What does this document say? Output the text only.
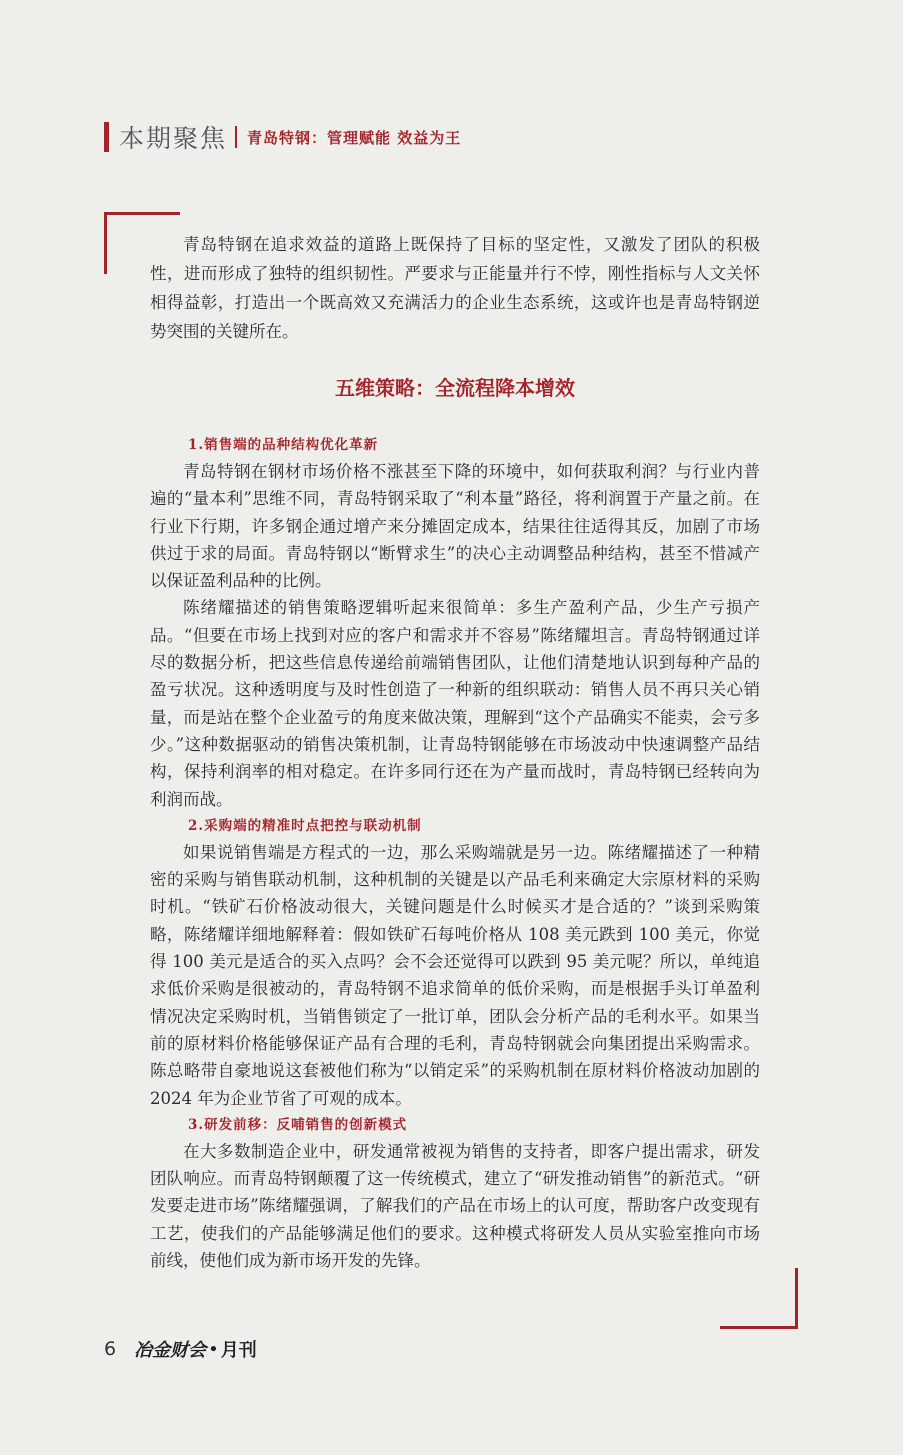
本期聚焦 青岛特钢：管理赋能 效益为王

青岛特钢在追求效益的道路上既保持了目标的坚定性，又激发了团队的积极性，进而形成了独特的组织韧性。严要求与正能量并行不悖，刚性指标与人文关怀相得益彰，打造出一个既高效又充满活力的企业生态系统，这或许也是青岛特钢逆势突围的关键所在。

五维策略：全流程降本增效
1.销售端的品种结构优化革新

青岛特钢在钢材市场价格不涨甚至下降的环境中，如何获取利润？与行业内普遍的“量本利”思维不同，青岛特钢采取了“利本量”路径，将利润置于产量之前。在行业下行期，许多钢企通过增产来分摊固定成本，结果往往适得其反，加剧了市场供过于求的局面。青岛特钢以“断臂求生”的决心主动调整品种结构，甚至不惜减产以保证盈利品种的比例。

陈绪耀描述的销售策略逻辑听起来很简单：多生产盈利产品，少生产亏损产品。“但要在市场上找到对应的客户和需求并不容易”陈绪耀坦言。青岛特钢通过详尽的数据分析，把这些信息传递给前端销售团队，让他们清楚地认识到每种产品的盈亏状况。这种透明度与及时性创造了一种新的组织联动：销售人员不再只关心销量，而是站在整个企业盈亏的角度来做决策，理解到“这个产品确实不能卖，会亏多少。”这种数据驱动的销售决策机制，让青岛特钢能够在市场波动中快速调整产品结构，保持利润率的相对稳定。在许多同行还在为产量而战时，青岛特钢已经转向为利润而战。

2.采购端的精准时点把控与联动机制

如果说销售端是方程式的一边，那么采购端就是另一边。陈绪耀描述了一种精密的采购与销售联动机制，这种机制的关键是以产品毛利来确定大宗原材料的采购时机。“铁矿石价格波动很大，关键问题是什么时候买才是合适的？”谈到采购策略，陈绪耀详细地解释着：假如铁矿石每吨价格从 108 美元跌到 100 美元，你觉得 100 美元是适合的买入点吗？会不会还觉得可以跌到 95 美元呢？所以，单纯追求低价采购是很被动的，青岛特钢不追求简单的低价采购，而是根据手头订单盈利情况决定采购时机，当销售锁定了一批订单，团队会分析产品的毛利水平。如果当前的原材料价格能够保证产品有合理的毛利，青岛特钢就会向集团提出采购需求。陈总略带自豪地说这套被他们称为“以销定采”的采购机制在原材料价格波动加剧的 2024 年为企业节省了可观的成本。

3.研发前移：反哺销售的创新模式

在大多数制造企业中，研发通常被视为销售的支持者，即客户提出需求，研发团队响应。而青岛特钢颠覆了这一传统模式，建立了“研发推动销售”的新范式。“研发要走进市场”陈绪耀强调，了解我们的产品在市场上的认可度，帮助客户改变现有工艺，使我们的产品能够满足他们的要求。这种模式将研发人员从实验室推向市场前线，使他们成为新市场开发的先锋。

6 冶金财会 • 月刊
